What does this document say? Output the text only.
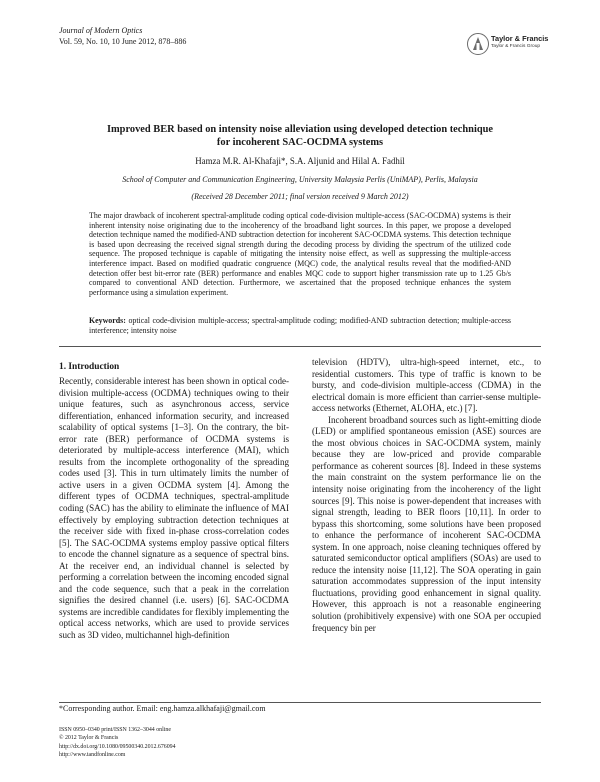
Journal of Modern Optics
Vol. 59, No. 10, 10 June 2012, 878–886	Taylor & Francis
Taylor & Francis Group
Improved BER based on intensity noise alleviation using developed detection technique
for incoherent SAC-OCDMA systems
Hamza M.R. Al-Khafaji*, S.A. Aljunid and Hilal A. Fadhil
School of Computer and Communication Engineering, University Malaysia Perlis (UniMAP), Perlis, Malaysia
(Received 28 December 2011; final version received 9 March 2012)
The major drawback of incoherent spectral-amplitude coding optical code-division multiple-access (SAC-OCDMA) systems is their inherent intensity noise originating due to the incoherency of the broadband light sources. In this paper, we propose a developed detection technique named the modified-AND subtraction detection for incoherent SAC-OCDMA systems. This detection technique is based upon decreasing the received signal strength during the decoding process by dividing the spectrum of the utilized code sequence. The proposed technique is capable of mitigating the intensity noise effect, as well as suppressing the multiple-access interference impact. Based on modified quadratic congruence (MQC) code, the analytical results reveal that the modified-AND detection offer best bit-error rate (BER) performance and enables MQC code to support higher transmission rate up to 1.25 Gb/s compared to conventional AND detection. Furthermore, we ascertained that the proposed technique enhances the system performance using a simulation experiment.
Keywords: optical code-division multiple-access; spectral-amplitude coding; modified-AND subtraction detection; multiple-access interference; intensity noise
1. Introduction

Recently, considerable interest has been shown in optical code-division multiple-access (OCDMA) techniques owing to their unique features, such as asynchronous access, service differentiation, enhanced information security, and increased scalability of optical systems [1–3]. On the contrary, the bit-error rate (BER) performance of OCDMA systems is deteriorated by multiple-access interference (MAI), which results from the incomplete orthogonality of the spreading codes used [3]. This in turn ultimately limits the number of active users in a given OCDMA system [4]. Among the different types of OCDMA techniques, spectral-amplitude coding (SAC) has the ability to eliminate the influence of MAI effectively by employing subtraction detection techniques at the receiver side with fixed in-phase cross-correlation codes [5]. The SAC-OCDMA systems employ passive optical filters to encode the channel signature as a sequence of spectral bins. At the receiver end, an individual channel is selected by performing a correlation between the incoming encoded signal and the code sequence, such that a peak in the correlation signifies the desired channel (i.e. users) [6]. SAC-OCDMA systems are incredible candidates for flexibly implementing the optical access networks, which are used to provide services such as 3D video, multichannel high-definition

television (HDTV), ultra-high-speed internet, etc., to residential customers. This type of traffic is known to be bursty, and code-division multiple-access (CDMA) in the electrical domain is more efficient than carrier-sense multiple-access networks (Ethernet, ALOHA, etc.) [7].

Incoherent broadband sources such as light-emitting diode (LED) or amplified spontaneous emission (ASE) sources are the most obvious choices in SAC-OCDMA system, mainly because they are low-priced and provide comparable performance as coherent sources [8]. Indeed in these systems the main constraint on the system performance lie on the intensity noise originating from the incoherency of the light sources [9]. This noise is power-dependent that increases with signal strength, leading to BER floors [10,11]. In order to bypass this shortcoming, some solutions have been proposed to enhance the performance of incoherent SAC-OCDMA system. In one approach, noise cleaning techniques offered by saturated semiconductor optical amplifiers (SOAs) are used to reduce the intensity noise [11,12]. The SOA operating in gain saturation accommodates suppression of the input intensity fluctuations, providing good enhancement in signal quality. However, this approach is not a reasonable engineering solution (prohibitively expensive) with one SOA per occupied frequency bin per

*Corresponding author. Email: eng.hamza.alkhafaji@gmail.com
ISSN 0950–0340 print/ISSN 1362–3044 online
© 2012 Taylor & Francis
http://dx.doi.org/10.1080/09500340.2012.676094
http://www.tandfonline.com
